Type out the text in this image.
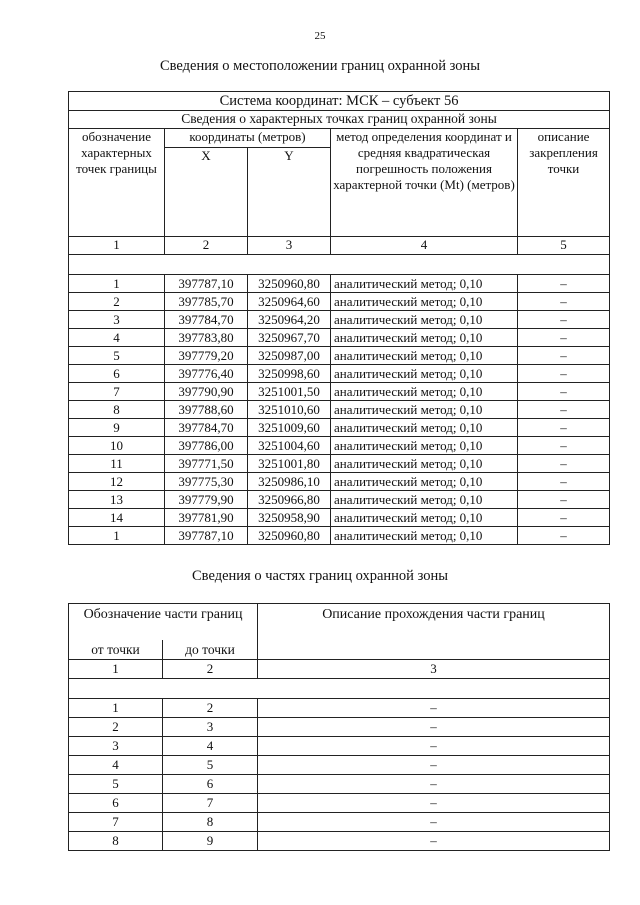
25
Сведения о местоположении границ охранной зоны
Система координат: МСК – субъект 56				
Сведения о характерных точках границ охранной зоны				
обозначение характерных точек границы	координаты (метров)		метод определения координат и средняя квадратическая погрешность положения характерной точки (Mt) (метров)	описание закрепления точки
	X	Y		
1	2	3	4	5

1	397787,10	3250960,80	аналитический метод; 0,10	–
2	397785,70	3250964,60	аналитический метод; 0,10	–
3	397784,70	3250964,20	аналитический метод; 0,10	–
4	397783,80	3250967,70	аналитический метод; 0,10	–
5	397779,20	3250987,00	аналитический метод; 0,10	–
6	397776,40	3250998,60	аналитический метод; 0,10	–
7	397790,90	3251001,50	аналитический метод; 0,10	–
8	397788,60	3251010,60	аналитический метод; 0,10	–
9	397784,70	3251009,60	аналитический метод; 0,10	–
10	397786,00	3251004,60	аналитический метод; 0,10	–
11	397771,50	3251001,80	аналитический метод; 0,10	–
12	397775,30	3250986,10	аналитический метод; 0,10	–
13	397779,90	3250966,80	аналитический метод; 0,10	–
14	397781,90	3250958,90	аналитический метод; 0,10	–
1	397787,10	3250960,80	аналитический метод; 0,10	–
Сведения о частях границ охранной зоны
Обозначение части границ		Описание прохождения части границ
от точки	до точки	
1	2	3

1	2	–
2	3	–
3	4	–
4	5	–
5	6	–
6	7	–
7	8	–
8	9	–
